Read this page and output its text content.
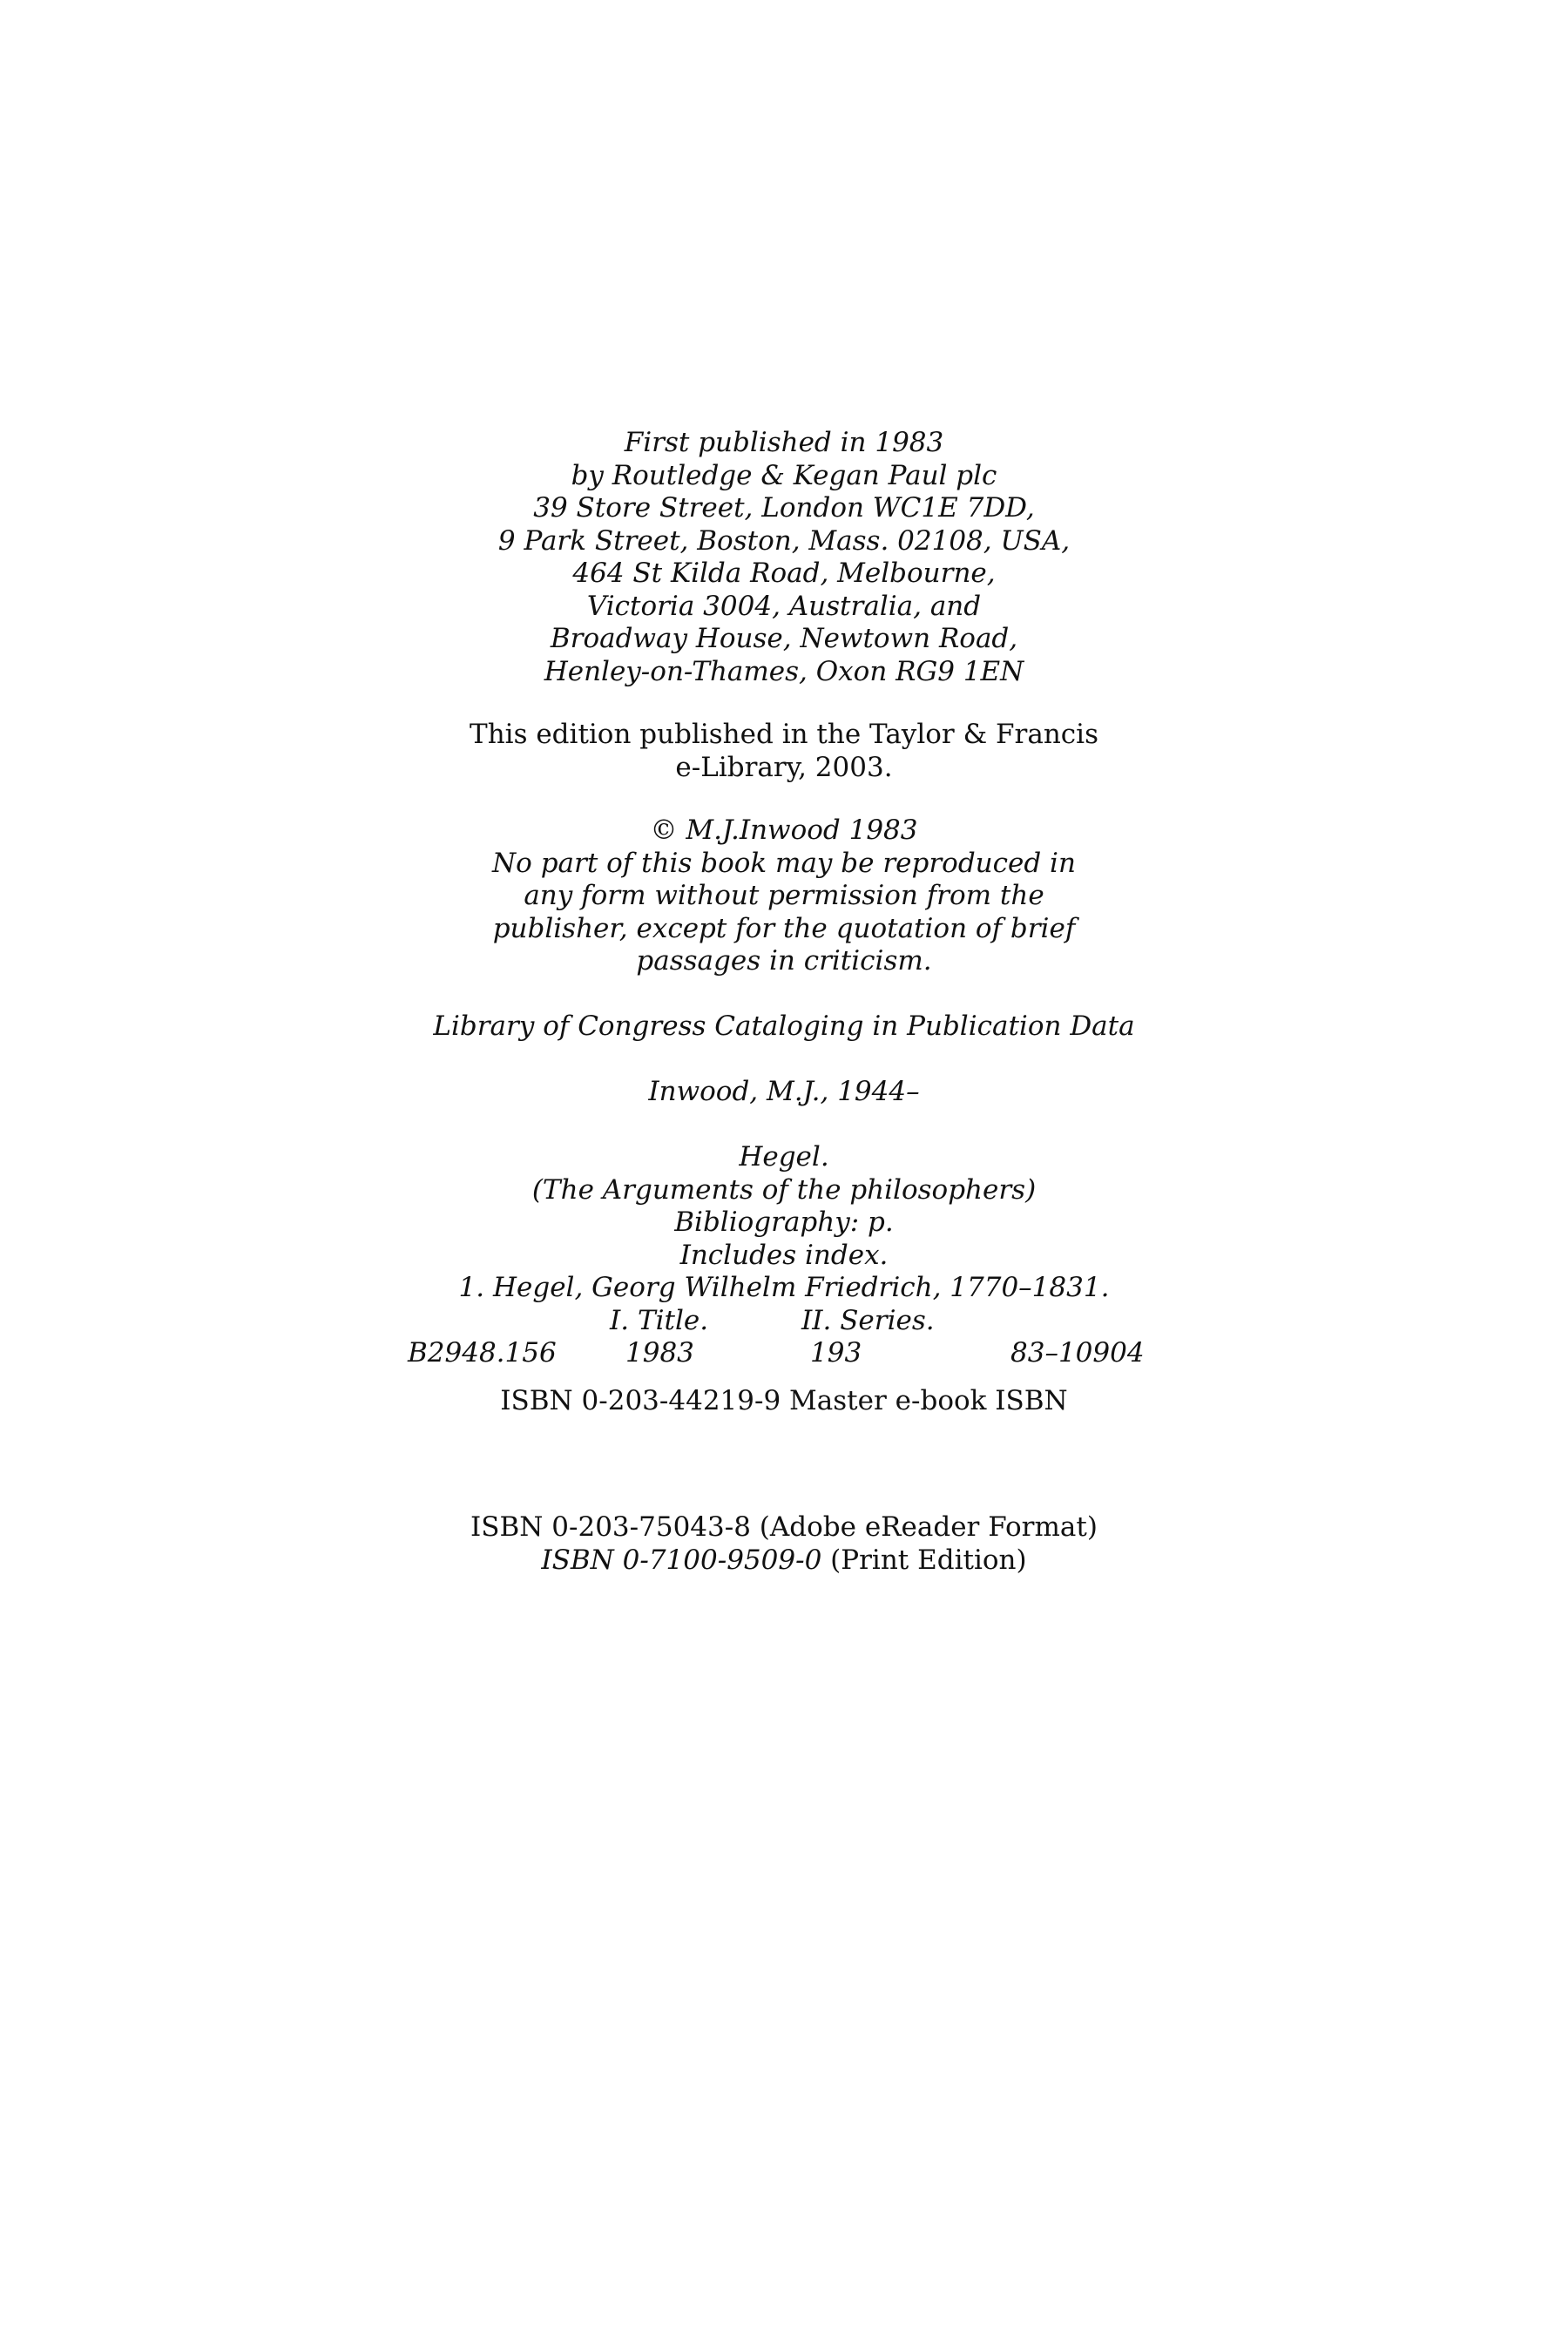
First published in 1983
by Routledge & Kegan Paul plc
39 Store Street, London WC1E 7DD,
9 Park Street, Boston, Mass. 02108, USA,
464 St Kilda Road, Melbourne,
Victoria 3004, Australia, and
Broadway House, Newtown Road,
Henley-on-Thames, Oxon RG9 1EN
This edition published in the Taylor & Francis
e-Library, 2003.
© M.J.Inwood 1983
No part of this book may be reproduced in
any form without permission from the
publisher, except for the quotation of brief
passages in criticism.
Library of Congress Cataloging in Publication Data
Inwood, M.J., 1944–
Hegel.
(The Arguments of the philosophers)
Bibliography: p.
Includes index.
1. Hegel, Georg Wilhelm Friedrich, 1770–1831.
I. Title.	II. Series.
B2948.156	1983	193	83–10904
ISBN 0-203-44219-9 Master e-book ISBN
ISBN 0-203-75043-8 (Adobe eReader Format)
ISBN 0-7100-9509-0 (Print Edition)
